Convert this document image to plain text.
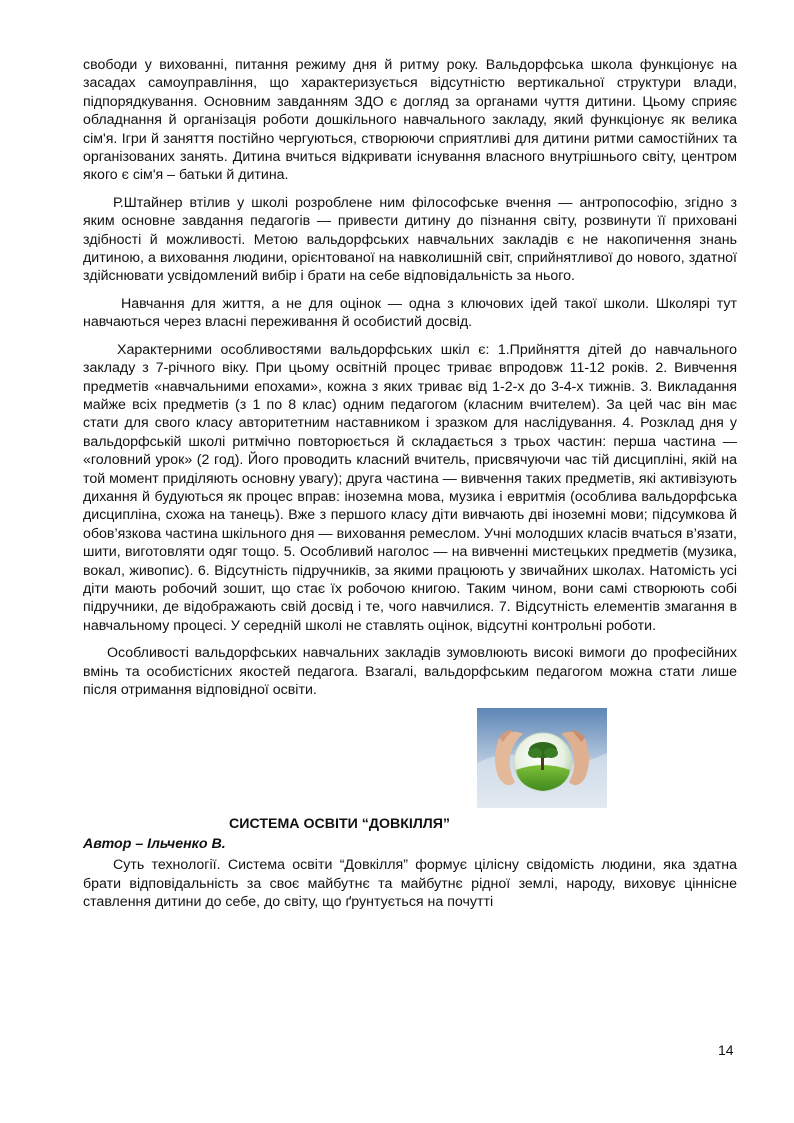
свободи у вихованні, питання режиму дня й ритму року. Вальдорфська школа функціонує на засадах самоуправління, що характеризується відсутністю вертикальної структури влади, підпорядкування. Основним завданням ЗДО є догляд за органами чуття дитини. Цьому сприяє обладнання й організація роботи дошкільного навчального закладу, який функціонує як велика сім'я. Ігри й заняття постійно чергуються, створюючи сприятливі для дитини ритми самостійних та організованих занять. Дитина вчиться відкривати існування власного внутрішнього світу, центром якого є сім'я – батьки й дитина.

Р.Штайнер втілив у школі розроблене ним філософське вчення — антропософію, згідно з яким основне завдання педагогів — привести дитину до пізнання світу, розвинути її приховані здібності й можливості. Метою вальдорфських навчальних закладів є не накопичення знань дитиною, а виховання людини, орієнтованої на навколишній світ, сприйнятливої до нового, здатної здійснювати усвідомлений вибір і брати на себе відповідальність за нього.

Навчання для життя, а не для оцінок — одна з ключових ідей такої школи. Школярі тут навчаються через власні переживання й особистий досвід.

Характерними особливостями вальдорфських шкіл є: 1.Прийняття дітей до навчального закладу з 7-річного віку. При цьому освітній процес триває впродовж 11-12 років. 2. Вивчення предметів «навчальними епохами», кожна з яких триває від 1-2-х до 3-4-х тижнів. 3. Викладання майже всіх предметів (з 1 по 8 клас) одним педагогом (класним вчителем). За цей час він має стати для свого класу авторитетним наставником і зразком для наслідування. 4. Розклад дня у вальдорфській школі ритмічно повторюється й складається з трьох частин: перша частина — «головний урок» (2 год). Його проводить класний вчитель, присвячуючи час тій дисципліні, якій на той момент приділяють основну увагу); друга частина — вивчення таких предметів, які активізують дихання й будуються як процес вправ: іноземна мова, музика і евритмія (особлива вальдорфська дисципліна, схожа на танець). Вже з першого класу діти вивчають дві іноземні мови; підсумкова й обов’язкова частина шкільного дня — виховання ремеслом. Учні молодших класів вчаться в’язати, шити, виготовляти одяг тощо. 5. Особливий наголос — на вивченні мистецьких предметів (музика, вокал, живопис). 6. Відсутність підручників, за якими працюють у звичайних школах. Натомість усі діти мають робочий зошит, що стає їх робочою книгою. Таким чином, вони самі створюють собі підручники, де відображають свій досвід і те, чого навчилися. 7. Відсутність елементів змагання в навчальному процесі. У середній школі не ставлять оцінок, відсутні контрольні роботи.

Особливості вальдорфських навчальних закладів зумовлюють високі вимоги до професійних вмінь та особистісних якостей педагога. Взагалі, вальдорфським педагогом можна стати лише після отримання відповідної освіти.

СИСТЕМА ОСВІТИ “ДОВКІЛЛЯ”

Автор – Ільченко В.

Суть технології. Система освіти “Довкілля” формує цілісну свідомість людини, яка здатна брати відповідальність за своє майбутнє та майбутнє рідної землі, народу, виховує ціннісне ставлення дитини до себе, до світу, що ґрунтується на почутті

14
